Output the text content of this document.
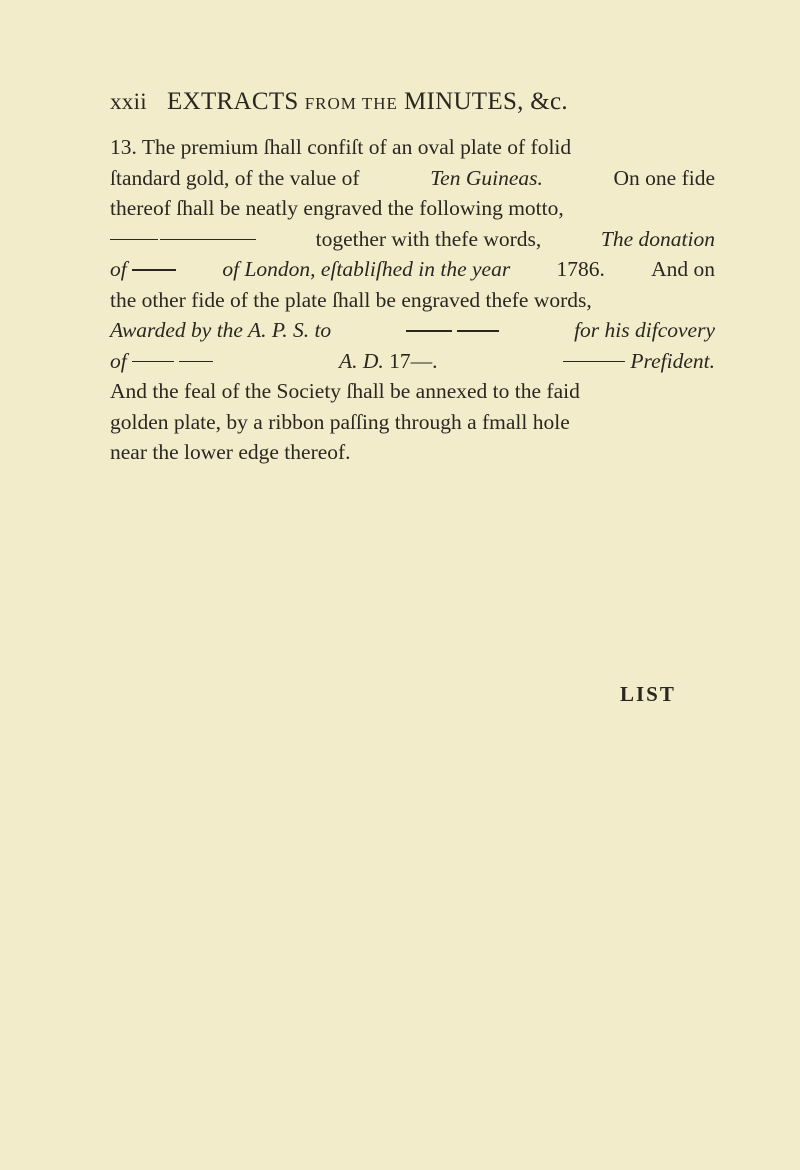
xxii EXTRACTS FROM THE MINUTES, &c.
13. The premium ſhall confiſt of an oval plate of folid
ſtandard gold, of the value of	Ten Guineas.	On one fide
thereof ſhall be neatly engraved the following motto,
together with thefe words,	The donation
of	of London, eſtabliſhed in the year 1786. And on
the other fide of the plate ſhall be engraved thefe words,
Awarded by the A. P. S. to
	for his difcovery
of	A. D. 17—.	Prefident.
And the feal of the Society ſhall be annexed to the faid
golden plate, by a ribbon paſſing through a fmall hole
near the lower edge thereof.
LIST
